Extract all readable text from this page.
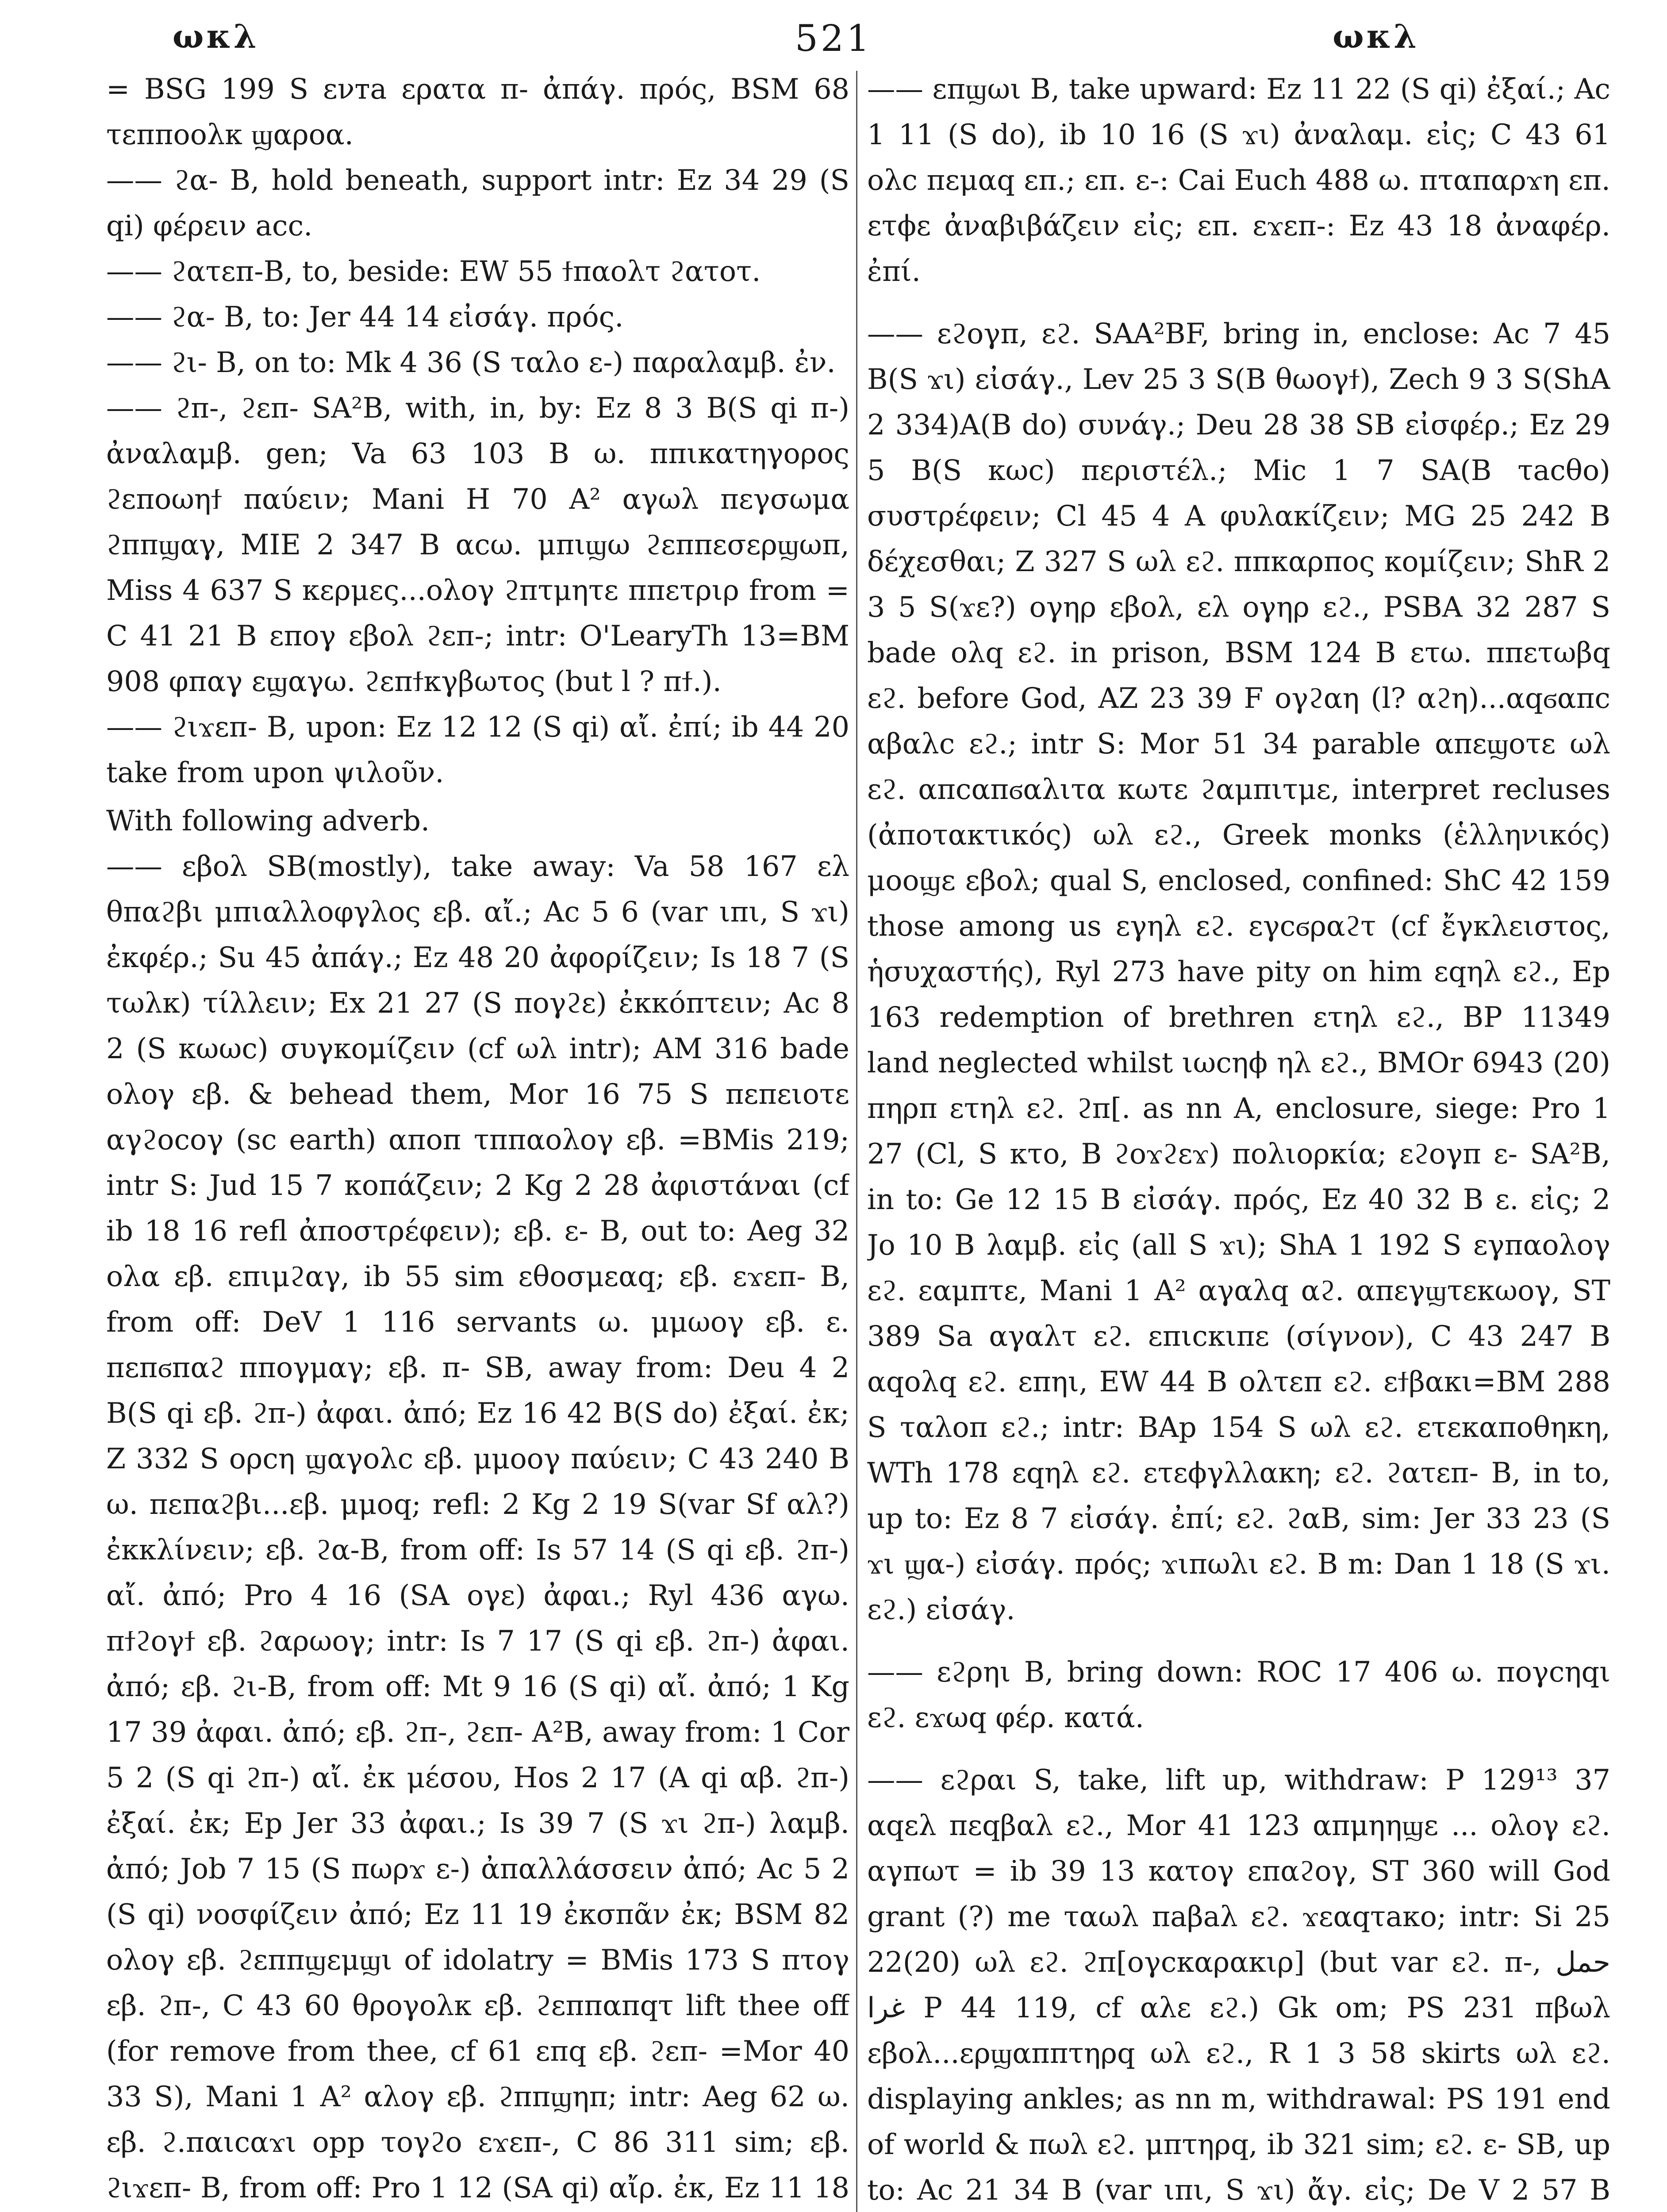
ωκλ	521	ωκλ

= BSG 199 S ενта ερατα π- ἀπάγ. πρός, BSM 68 τεπποολκ ϣαροα.

—— ϩα- B, hold beneath, support intr: Ez 34 29 (S qi) φέρειν acc.

—— ϩατεπ-B, to, beside: EW 55 ϯπαολτ ϩατοτ.

—— ϩα- B, to: Jer 44 14 εἰσάγ. πρός.

—— ϩι- B, on to: Mk 4 36 (S ταλο ε-) παραλαμβ. ἐν.

—— ϩπ-, ϩεπ- SA²B, with, in, by: Ez 8 3 B(S qi π-) ἀναλαμβ. gen; Va 63 103 B ω. ππικατηγορος ϩεποωηϯ παύειν; Mani H 70 A² αγωλ πεγσωμα ϩππϣαγ, MIE 2 347 B αcω. μπιϣω ϩεππεσερϣωπ, Miss 4 637 S κερμες...ολογ ϩπτμητε ππετριρ from = C 41 21 B επογ εβολ ϩεπ-; intr: O'LearyTh 13=BM 908 φπαγ εϣαγω. ϩεπϯκγβωτος (but l ? πϯ.).

—— ϩιϫεπ- B, upon: Ez 12 12 (S qi) αἴ. ἐπί; ib 44 20 take from upon ψιλοῦν.

With following adverb.

—— εβολ SB(mostly), take away: Va 58 167 ελ θπαϩβι μπιαλλοφγλος εβ. αἴ.; Ac 5 6 (var ιπι, S ϫι) ἐκφέρ.; Su 45 ἀπάγ.; Ez 48 20 ἀφορίζειν; Is 18 7 (S τωλκ) τίλλειν; Ex 21 27 (S πογϩε) ἐκκόπτειν; Ac 8 2 (S κωωc) συγκομίζειν (cf ωλ intr); AM 316 bade ολογ εβ. & behead them, Mor 16 75 S πεπειοτε αγϩοcογ (sc earth) απоп τππαολογ εβ. =BMis 219; intr S: Jud 15 7 κοπάζειν; 2 Kg 2 28 ἀφιστάναι (cf ib 18 16 refl ἀποστρέφειν); εβ. ε- B, out to: Aeg 32 ολα εβ. επιμϩαγ, ib 55 sim εθοσμεαq; εβ. εϫεπ- B, from off: DeV 1 116 servants ω. μμωογ εβ. ε. πεπϭπαϩ ππογμαγ; εβ. π- SB, away from: Deu 4 2 B(S qi εβ. ϩπ-) ἀφαι. ἀπό; Ez 16 42 B(S do) ἐξαί. ἐκ; Z 332 S ορcη ϣαγολc εβ. μμοογ παύειν; C 43 240 B ω. πεπαϩβι...εβ. μμοq; refl: 2 Kg 2 19 S(var Sf αλ?) ἐκκλίνειν; εβ. ϩα-B, from off: Is 57 14 (S qi εβ. ϩπ-) αἴ. ἀπό; Pro 4 16 (SA ογε) ἀφαι.; Ryl 436 αγω. πϯϩογϯ εβ. ϩαρωογ; intr: Is 7 17 (S qi εβ. ϩπ-) ἀφαι. ἀπό; εβ. ϩι-B, from off: Mt 9 16 (S qi) αἴ. ἀπό; 1 Kg 17 39 ἀφαι. ἀπό; εβ. ϩπ-, ϩεπ- A²B, away from: 1 Cor 5 2 (S qi ϩπ-) αἴ. ἐκ μέσου, Hos 2 17 (A qi αβ. ϩπ-) ἐξαί. ἐκ; Ep Jer 33 ἀφαι.; Is 39 7 (S ϫι ϩπ-) λαμβ. ἀπό; Job 7 15 (S πωρϫ ε-) ἀπαλλάσσειν ἀπό; Ac 5 2 (S qi) νοσφίζειν ἀπό; Ez 11 19 ἐκσπᾶν ἐκ; BSM 82 ολογ εβ. ϩεππϣεμϣι of idolatry = BMis 173 S πτογ εβ. ϩπ-, C 43 60 θρογολκ εβ. ϩεππαπqτ lift thee off (for remove from thee, cf 61 επq εβ. ϩεπ- =Mor 40 33 S), Mani 1 A² αλογ εβ. ϩππϣηπ; intr: Aeg 62 ω. εβ. ϩ.παιcαϫι opp τογϩο εϫεπ-, C 86 311 sim; εβ. ϩιϫεπ- B, from off: Pro 1 12 (SA qi) αἴρ. ἐκ, Ez 11 18

—— επϣωι B, take upward: Ez 11 22 (S qi) ἐξαί.; Ac 1 11 (S do), ib 10 16 (S ϫι) ἀναλαμ. εἰς; C 43 61 ολc πεμαq επ.; επ. ε-: Cai Euch 488 ω. πταπαρϫη επ. ετϕε ἀναβιβάζειν εἰς; επ. εϫεπ-: Ez 43 18 ἀναφέρ. ἐπί.

—— εϩογπ, εϩ. SAA²BF, bring in, enclose: Ac 7 45 B(S ϫι) εἰσάγ., Lev 25 3 S(B θωογϯ), Zech 9 3 S(ShA 2 334)A(B do) συνάγ.; Deu 28 38 SB εἰσφέρ.; Ez 29 5 B(S κωc) περιστέλ.; Mic 1 7 SA(B τacθo) συστρέφειν; Cl 45 4 A φυλακίζειν; MG 25 242 B δέχεσθαι; Z 327 S ωλ εϩ. ππκαρπος κομίζειν; ShR 2 3 5 S(ϫε?) ογηρ εβολ, ελ ογηρ εϩ., PSBA 32 287 S bade ολq εϩ. in prison, BSM 124 B ετω. ππετωβq εϩ. before God, AZ 23 39 F ογϩαη (l? αϩη)...αqϭαπc αβαλc εϩ.; intr S: Mor 51 34 parable απεϣοτε ωλ εϩ. απcαπϭαλιτα κωτε ϩαμπιτμε, interpret recluses (ἀποτακτικός) ωλ εϩ., Greek monks (ἑλληνικός) μοοϣε εβολ; qual S, enclosed, confined: ShC 42 159 those among us εγηλ εϩ. εγcϭραϩτ (cf ἔγκλειστος, ἡσυχαστής), Ryl 273 have pity on him εqηλ εϩ., Ep 163 redemption of brethren ετηλ εϩ., BP 11349 land neglected whilst ιωcηϕ ηλ εϩ., BMOr 6943 (20) πηρπ ετηλ εϩ. ϩπ[. as nn A, enclosure, siege: Pro 1 27 (Cl, S κτο, B ϩοϫϩεϫ) πολιορκία; εϩογπ ε- SA²B, in to: Ge 12 15 B εἰσάγ. πρός, Ez 40 32 B ε. εἰς; 2 Jo 10 B λαμβ. εἰς (all S ϫι); ShA 1 192 S εγπαολογ εϩ. εαμπτε, Mani 1 A² αγαλq αϩ. απεγϣτεκωογ, ST 389 Sa αγαλτ εϩ. επιcκιπε (σίγνον), C 43 247 B αqολq εϩ. επηι, EW 44 B ολτεπ εϩ. εϯβακι=BM 288 S ταλοπ εϩ.; intr: BAp 154 S ωλ εϩ. ετεκαποθηκη, WTh 178 εqηλ εϩ. ετεϕγλλακη; εϩ. ϩατεπ- B, in to, up to: Ez 8 7 εἰσάγ. ἐπί; εϩ. ϩαB, sim: Jer 33 23 (S ϫι ϣα-) εἰσάγ. πρός; ϫιπωλι εϩ. B m: Dan 1 18 (S ϫι. εϩ.) εἰσάγ.

—— εϩρηι B, bring down: ROC 17 406 ω. πογcηqι εϩ. εϫωq φέρ. κατά.

—— εϩραι S, take, lift up, withdraw: P 129¹³ 37 αqελ πεqβαλ εϩ., Mor 41 123 απμηηϣε ... ολογ εϩ. αγπωτ = ib 39 13 κατογ επαϩογ, ST 360 will God grant (?) me ταωλ πaβaλ εϩ. ϫεαqτaκo; intr: Si 25 22(20) ωλ εϩ. ϩπ[ογcκαρακιρ] (but var εϩ. π-, حمل غرا P 44 119, cf αλε εϩ.) Gk om; PS 231 πβωλ εβολ...ερϣαππτηρq ωλ εϩ., R 1 3 58 skirts ωλ εϩ. displaying ankles; as nn m, withdrawal: PS 191 end of world & πωλ εϩ. μπτηρq, ib 321 sim; εϩ. ε- SB, up to: Ac 21 34 B (var ιπι, S ϫι) ἄγ. εἰς; De V 2 57 B
